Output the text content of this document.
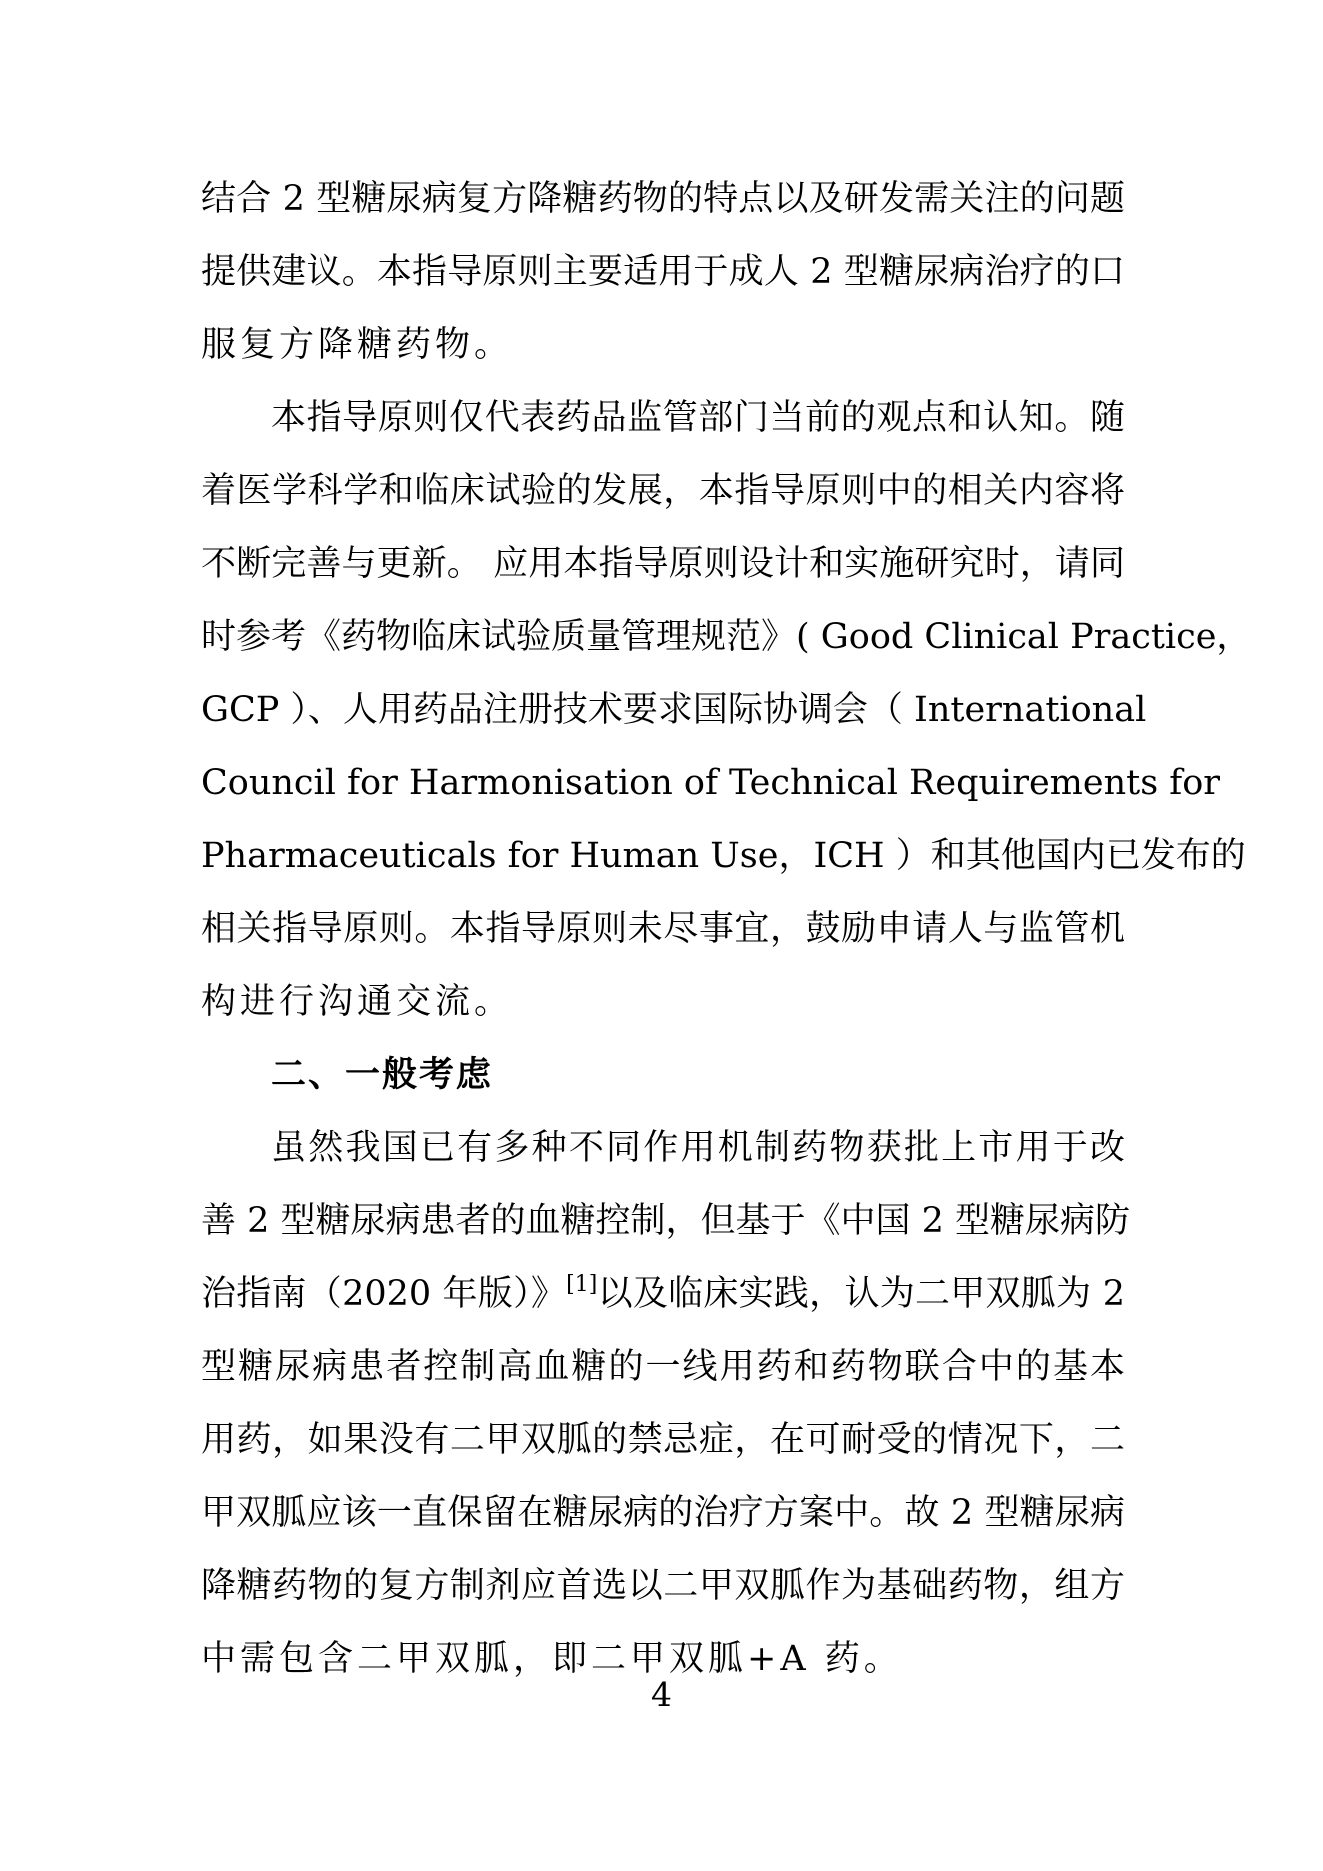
结合 2 型糖尿病复方降糖药物的特点以及研发需关注的问题
提供建议。本指导原则主要适用于成人 2 型糖尿病治疗的口
服复方降糖药物。
本指导原则仅代表药品监管部门当前的观点和认知。随
着医学科学和临床试验的发展，本指导原则中的相关内容将
不断完善与更新。 应用本指导原则设计和实施研究时，请同
时参考《药物临床试验质量管理规范》( Good Clinical Practice，
GCP ）、人用药品注册技术要求国际协调会（ International
Council for Harmonisation of Technical Requirements for
Pharmaceuticals for Human Use，ICH ）和其他国内已发布的
相关指导原则。本指导原则未尽事宜，鼓励申请人与监管机
构进行沟通交流。
二、一般考虑
虽然我国已有多种不同作用机制药物获批上市用于改
善 2 型糖尿病患者的血糖控制，但基于《中国 2 型糖尿病防
治指南（2020 年版）》[1]以及临床实践，认为二甲双胍为 2
型糖尿病患者控制高血糖的一线用药和药物联合中的基本
用药，如果没有二甲双胍的禁忌症，在可耐受的情况下，二
甲双胍应该一直保留在糖尿病的治疗方案中。故 2 型糖尿病
降糖药物的复方制剂应首选以二甲双胍作为基础药物，组方
中需包含二甲双胍，即二甲双胍+A 药。
4
